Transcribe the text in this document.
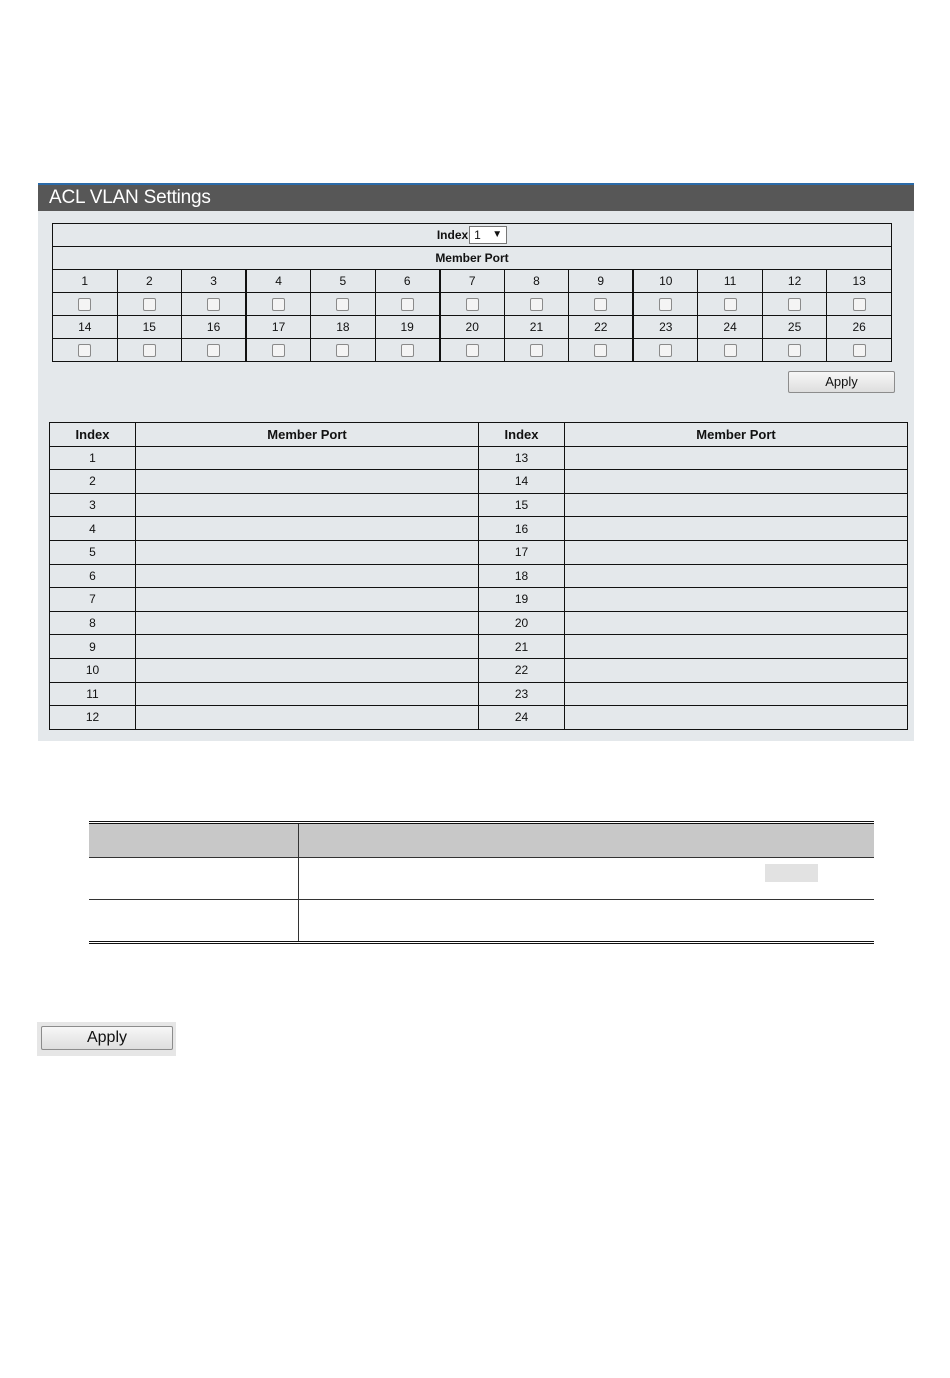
ACL VLAN Settings
Index 1 ▼												

Member Port												
1	2	3	4	5	6	7	8	9	10	11	12	13

14	15	16	17	18	19	20	21	22	23	24	25	26

Apply
Index	Member Port	Index	Member Port
1		13	
2		14	
3		15	
4		16	
5		17	
6		18	
7		19	
8		20	
9		21	
10		22	
11		23	
12		24	
Apply
